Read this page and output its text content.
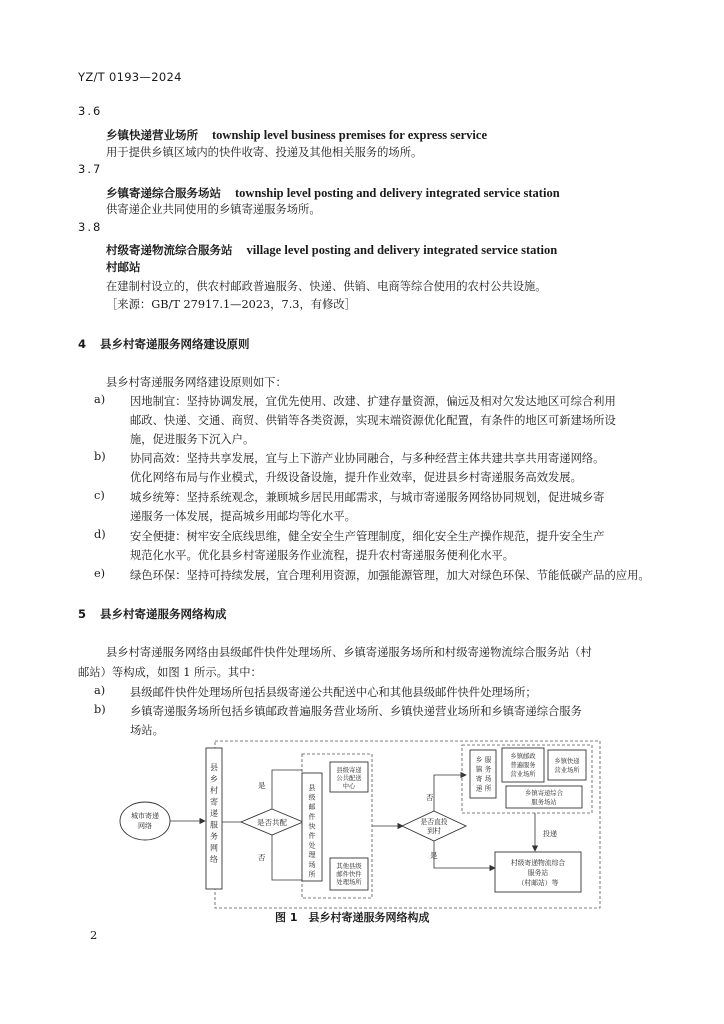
YZ/T 0193—2024
3.6
乡镇快递营业场所 township level business premises for express service
用于提供乡镇区域内的快件收寄、投递及其他相关服务的场所。
3.7
乡镇寄递综合服务场站 township level posting and delivery integrated service station
供寄递企业共同使用的乡镇寄递服务场所。
3.8
村级寄递物流综合服务站 village level posting and delivery integrated service station
村邮站
在建制村设立的，供农村邮政普遍服务、快递、供销、电商等综合使用的农村公共设施。
［来源：GB/T 27917.1—2023，7.3，有修改］
4 县乡村寄递服务网络建设原则
县乡村寄递服务网络建设原则如下：
a) 因地制宜：坚持协调发展，宜优先使用、改建、扩建存量资源，偏远及相对欠发达地区可综合利用
邮政、快递、交通、商贸、供销等各类资源，实现末端资源优化配置，有条件的地区可新建场所设
施，促进服务下沉入户。
b) 协同高效：坚持共享发展，宜与上下游产业协同融合，与多种经营主体共建共享共用寄递网络。
优化网络布局与作业模式，升级设备设施，提升作业效率，促进县乡村寄递服务高效发展。
c) 城乡统筹：坚持系统观念，兼顾城乡居民用邮需求，与城市寄递服务网络协同规划，促进城乡寄
递服务一体发展，提高城乡用邮均等化水平。
d) 安全便捷：树牢安全底线思维，健全安全生产管理制度，细化安全生产操作规范，提升安全生产
规范化水平。优化县乡村寄递服务作业流程，提升农村寄递服务便利化水平。
e) 绿色环保：坚持可持续发展，宜合理利用资源，加强能源管理，加大对绿色环保、节能低碳产品的应用。
5 县乡村寄递服务网络构成
县乡村寄递服务网络由县级邮件快件处理场所、乡镇寄递服务场所和村级寄递物流综合服务站（村
邮站）等构成，如图 1 所示。其中：
a) 县级邮件快件处理场所包括县级寄递公共配送中心和其他县级邮件快件处理场所；
b) 乡镇寄递服务场所包括乡镇邮政普遍服务营业场所、乡镇快递营业场所和乡镇寄递综合服务
场站。
城市寄递
网络
县
乡
村
寄
递
服
务
网
络
是否共配
是
否
县
级
邮
件
快
件
处
理
场
所
县级寄递
公共配送
中心
其他县级
邮件快件
处理场所
是否直投
到村
否
是
乡
镇
寄
递
服
务
场
所
乡镇邮政
普遍服务
营业场所
乡镇快递
营业场所
乡镇寄递综合
服务场站
投递
村级寄递物流综合
服务站
（村邮站）等
图 1　县乡村寄递服务网络构成
2
